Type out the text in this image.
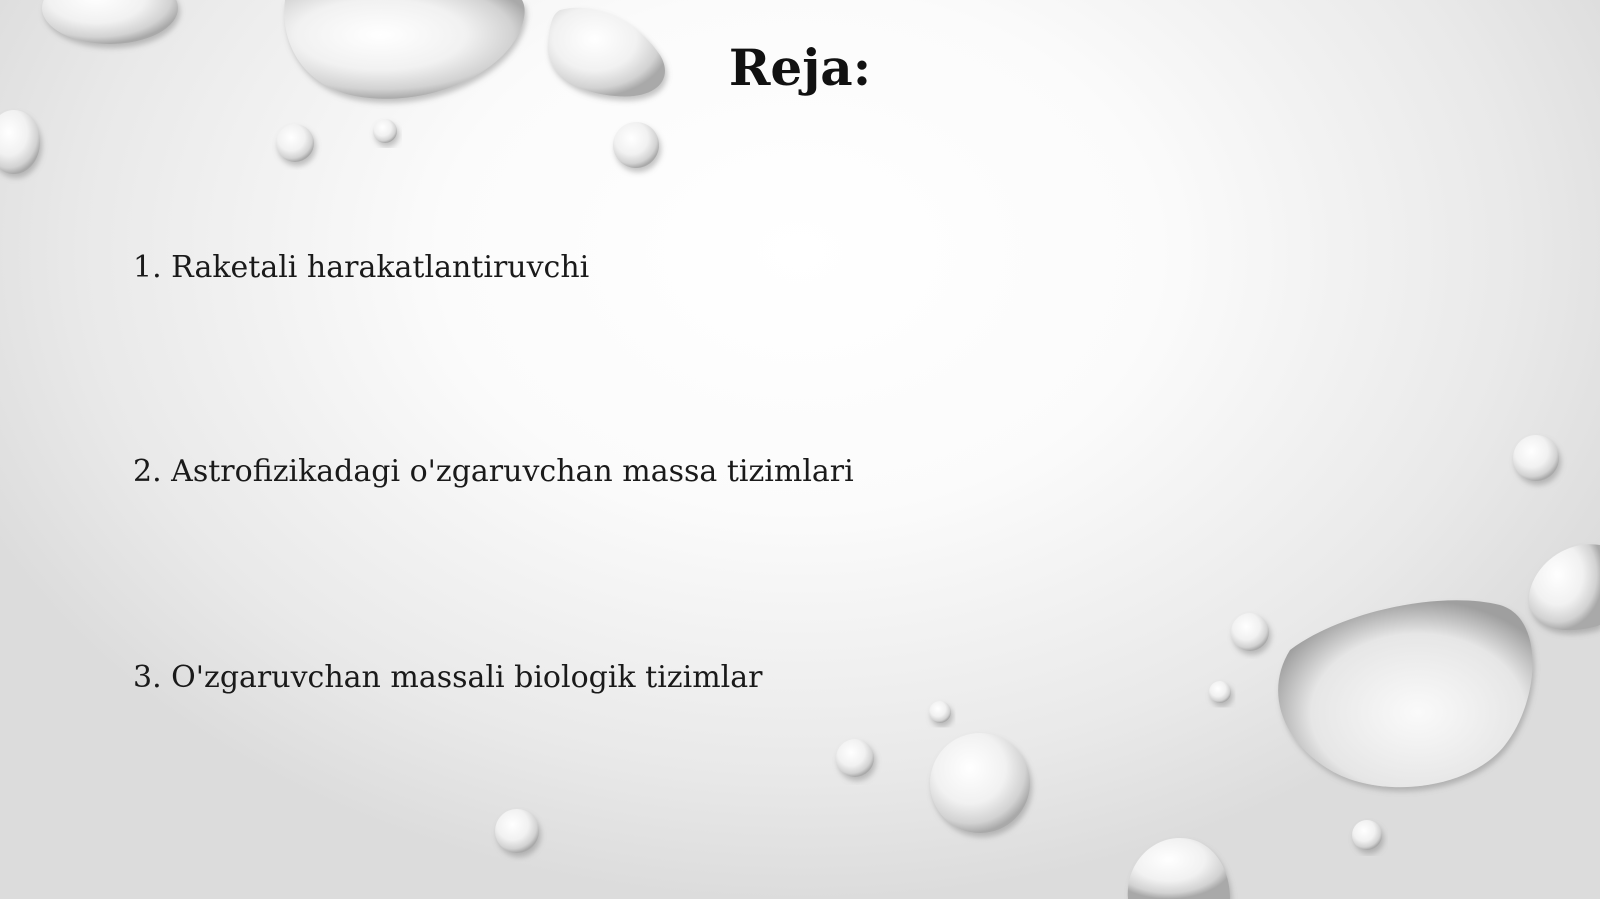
Reja:
1. Raketali harakatlantiruvchi
2. Astrofizikadagi o'zgaruvchan massa tizimlari
3. O'zgaruvchan massali biologik tizimlar
